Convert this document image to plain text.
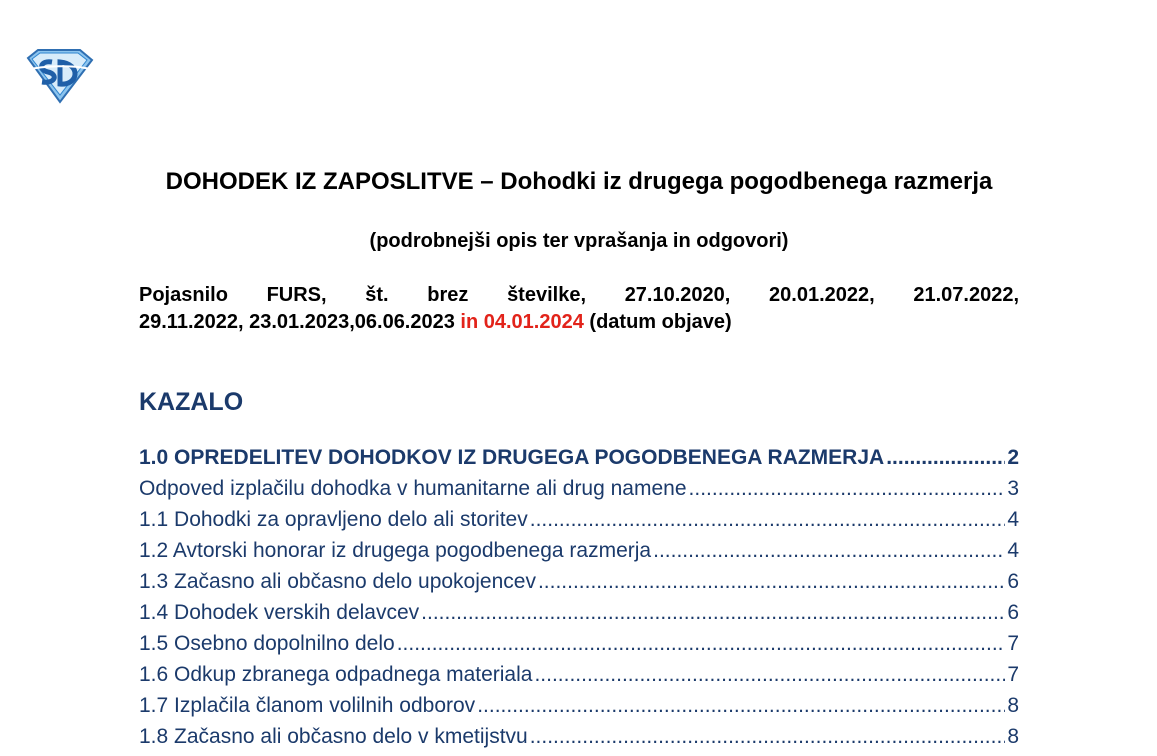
DOHODEK IZ ZAPOSLITVE – Dohodki iz drugega pogodbenega razmerja
(podrobnejši opis ter vprašanja in odgovori)
Pojasnilo FURS, št. brez številke, 27.10.2020, 20.01.2022, 21.07.2022,
29.11.2022, 23.01.2023,06.06.2023 in 04.01.2024 (datum objave)
KAZALO
1.0 OPREDELITEV DOHODKOV IZ DRUGEGA POGODBENEGA RAZMERJA .....	2
Odpoved izplačilu dohodka v humanitarne ali drug namene .....	3
1.1 Dohodki za opravljeno delo ali storitev .....	4
1.2 Avtorski honorar iz drugega pogodbenega razmerja .....	4
1.3 Začasno ali občasno delo upokojencev .....	6
1.4 Dohodek verskih delavcev .....	6
1.5 Osebno dopolnilno delo .....	7
1.6 Odkup zbranega odpadnega materiala .....	7
1.7 Izplačila članom volilnih odborov .....	8
1.8 Začasno ali občasno delo v kmetijstvu .....	8
